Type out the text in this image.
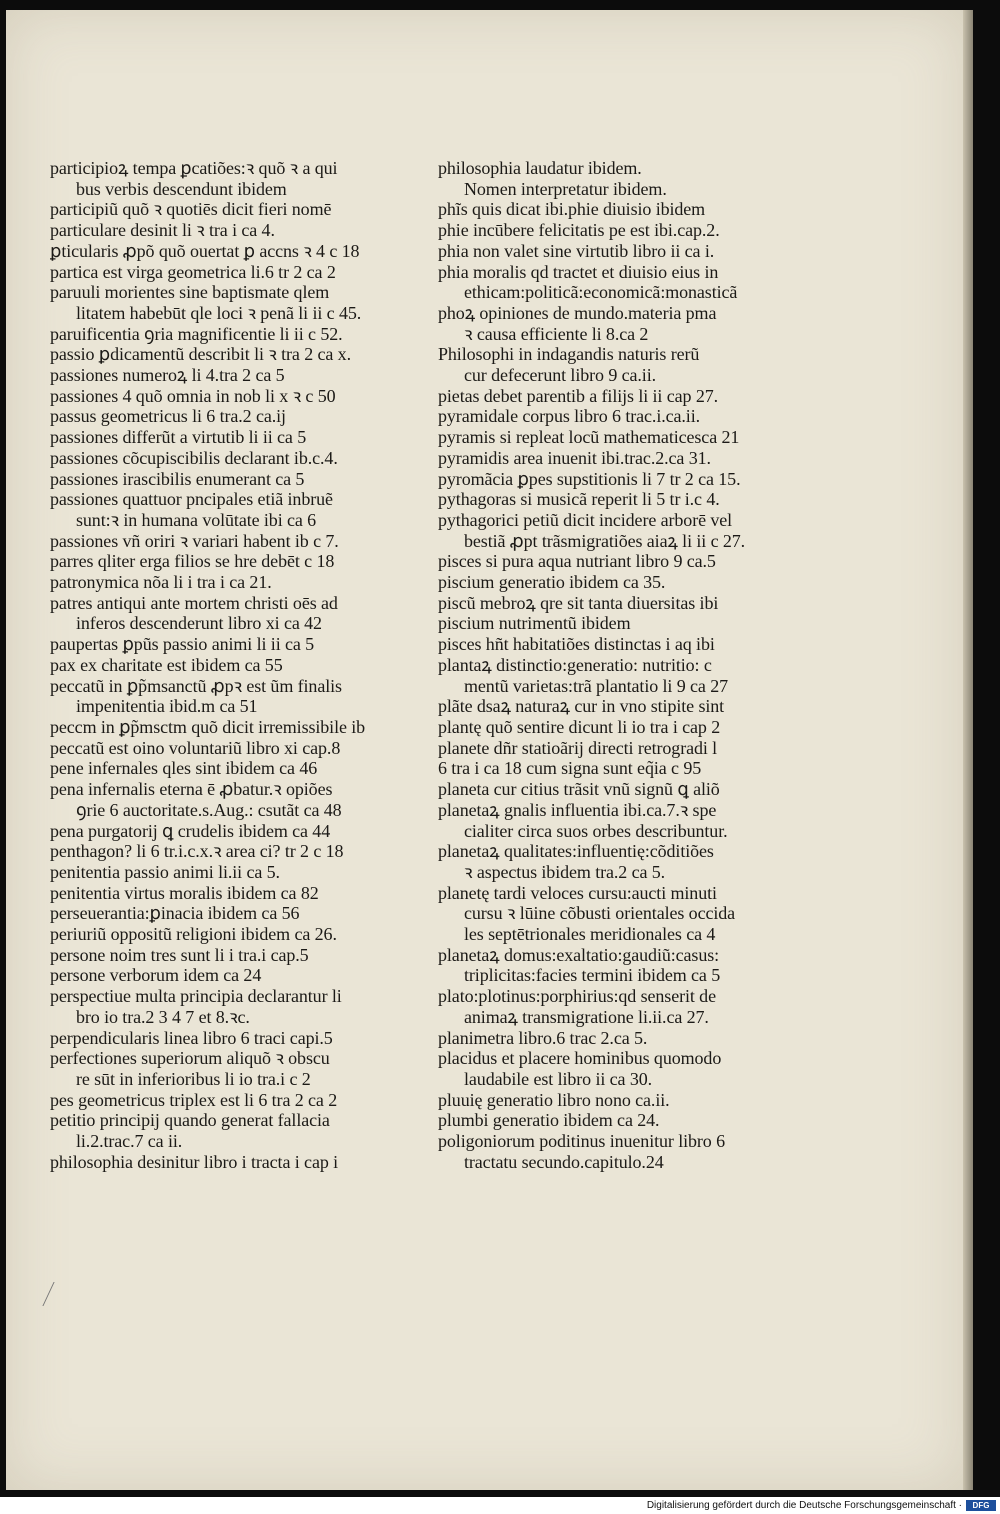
participioꝝ tempa ꝑcatiões:ꝛ quõ ꝛ a qui
bus verbis descendunt ibidem
participiũ quõ ꝛ quotiēs dicit fieri nomē
particulare desinit li ꝛ tra i ca 4.
ꝑticularis ꝓpõ quõ ouertat ꝑ accns ꝛ 4 c 18
partica est virga geometrica li.6 tr 2 ca 2
paruuli morientes sine baptismate qlem
litatem habebūt qle loci ꝛ penã li ii c 45.
paruificentia ꝯria magnificentie li ii c 52.
passio ꝑdicamentũ describit li ꝛ tra 2 ca x.
passiones numeroꝝ li 4.tra 2 ca 5
passiones 4 quõ omnia in nob li x ꝛ c 50
passus geometricus li 6 tra.2 ca.ij
passiones differũt a virtutib li ii ca 5
passiones cõcupiscibilis declarant ib.c.4.
passiones irascibilis enumerant ca 5
passiones quattuor pncipales etiã inbruẽ
sunt:ꝛ in humana volūtate ibi ca 6
passiones vñ oriri ꝛ variari habent ib c 7.
parres qliter erga filios se hre debēt c 18
patronymica nõa li i tra i ca 21.
patres antiqui ante mortem christi oēs ad
inferos descenderunt libro xi ca 42
paupertas ꝑpũs passio animi li ii ca 5
pax ex charitate est ibidem ca 55
peccatũ in ꝑp̃msanctũ ꝓpꝛ est ũm finalis
impenitentia ibid.m ca 51
peccm in ꝑp̃msctm quõ dicit irremissibile ib
peccatũ est oino voluntariũ libro xi cap.8
pene infernales qles sint ibidem ca 46
pena infernalis eterna ē ꝓbatur.ꝛ opiões
ꝯrie 6 auctoritate.s.Aug.: csutãt ca 48
pena purgatorij ꝗ crudelis ibidem ca 44
penthagon? li 6 tr.i.c.x.ꝛ area ci? tr 2 c 18
penitentia passio animi li.ii ca 5.
penitentia virtus moralis ibidem ca 82
perseuerantia:ꝑinacia ibidem ca 56
periuriũ oppositũ religioni ibidem ca 26.
persone noim tres sunt li i tra.i cap.5
persone verborum idem ca 24
perspectiue multa principia declarantur li
bro io tra.2 3 4 7 et 8.ꝛc.
perpendicularis linea libro 6 traci capi.5
perfectiones superiorum aliquõ ꝛ obscu
re sūt in inferioribus li io tra.i c 2
pes geometricus triplex est li 6 tra 2 ca 2
petitio principij quando generat fallacia
li.2.trac.7 ca ii.
philosophia desinitur libro i tracta i cap i
philosophia laudatur ibidem.
Nomen interpretatur ibidem.
phĩs quis dicat ibi.phie diuisio ibidem
phie incūbere felicitatis pe est ibi.cap.2.
phia non valet sine virtutib libro ii ca i.
phia moralis qd tractet et diuisio eius in
ethicam:politicã:economicã:monasticã
phoꝝ opiniones de mundo.materia pma
ꝛ causa efficiente li 8.ca 2
Philosophi in indagandis naturis rerũ
cur defecerunt libro 9 ca.ii.
pietas debet parentib a filijs li ii cap 27.
pyramidale corpus libro 6 trac.i.ca.ii.
pyramis si repleat locũ mathematicesca 21
pyramidis area inuenit ibi.trac.2.ca 31.
pyromãcia ꝑpes supstitionis li 7 tr 2 ca 15.
pythagoras si musicã reperit li 5 tr i.c 4.
pythagorici petiũ dicit incidere arborē vel
bestiã ꝓpt trãsmigratiões aiaꝝ li ii c 27.
pisces si pura aqua nutriant libro 9 ca.5
piscium generatio ibidem ca 35.
piscũ mebroꝝ qre sit tanta diuersitas ibi
piscium nutrimentũ ibidem
pisces hñt habitatiões distinctas i aq ibi
plantaꝝ distinctio:generatio: nutritio: c
mentũ varietas:trã plantatio li 9 ca 27
plãte dsaꝝ naturaꝝ cur in vno stipite sint
plantę quõ sentire dicunt li io tra i cap 2
planete dñr statioãrij directi retrogradi l
6 tra i ca 18 cum signa sunt eq̃ia c 95
planeta cur citius trãsit vnũ signũ ꝗ aliõ
planetaꝝ gnalis influentia ibi.ca.7.ꝛ spe
cialiter circa suos orbes describuntur.
planetaꝝ qualitates:influentię:cõditiões
ꝛ aspectus ibidem tra.2 ca 5.
planetę tardi veloces cursu:aucti minuti
cursu ꝛ lūine cõbusti orientales occida
les septētrionales meridionales ca 4
planetaꝝ domus:exaltatio:gaudiũ:casus:
triplicitas:facies termini ibidem ca 5
plato:plotinus:porphirius:qd senserit de
animaꝝ transmigratione li.ii.ca 27.
planimetra libro.6 trac 2.ca 5.
placidus et placere hominibus quomodo
laudabile est libro ii ca 30.
pluuię generatio libro nono ca.ii.
plumbi generatio ibidem ca 24.
poligoniorum poditinus inuenitur libro 6
tractatu secundo.capitulo.24
Digitalisierung gefördert durch die Deutsche Forschungsgemeinschaft ·	DFG
